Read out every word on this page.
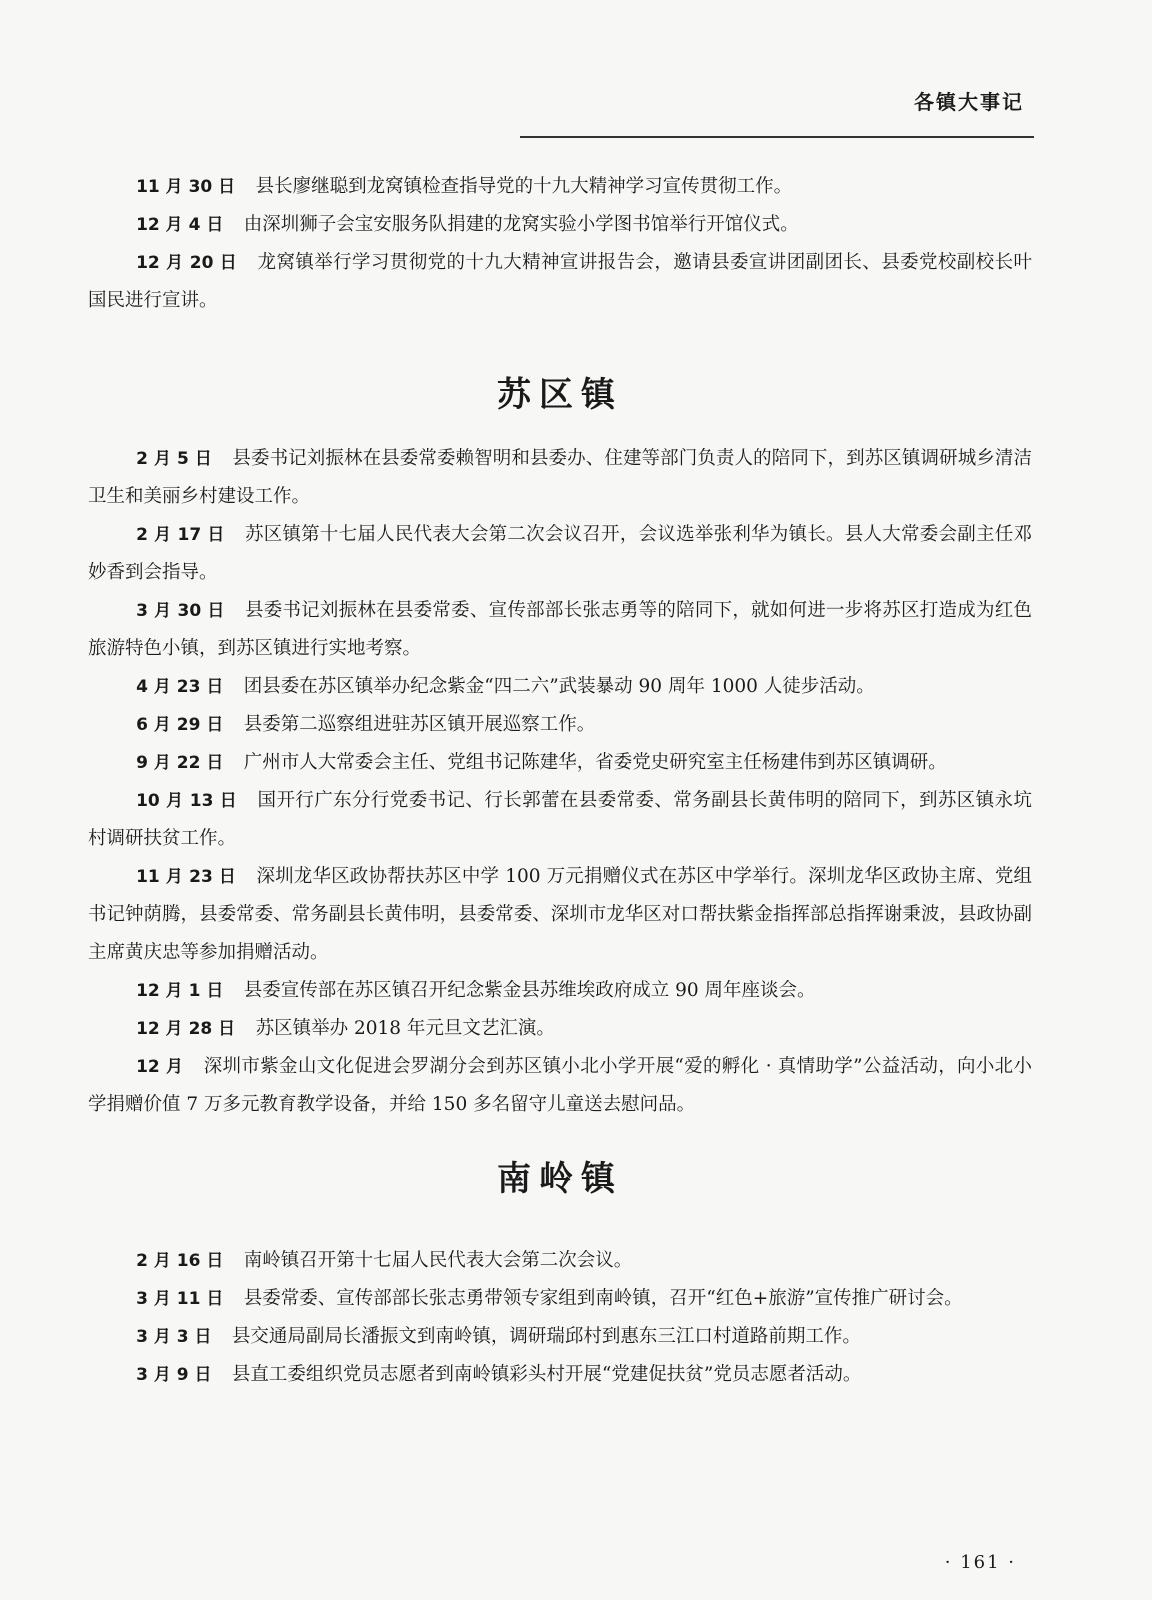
各镇大事记

11 月 30 日 县长廖继聪到龙窝镇检查指导党的十九大精神学习宣传贯彻工作。

12 月 4 日 由深圳狮子会宝安服务队捐建的龙窝实验小学图书馆举行开馆仪式。

12 月 20 日 龙窝镇举行学习贯彻党的十九大精神宣讲报告会，邀请县委宣讲团副团长、县委党校副校长叶国民进行宣讲。

苏区镇

2 月 5 日 县委书记刘振林在县委常委赖智明和县委办、住建等部门负责人的陪同下，到苏区镇调研城乡清洁卫生和美丽乡村建设工作。

2 月 17 日 苏区镇第十七届人民代表大会第二次会议召开，会议选举张利华为镇长。县人大常委会副主任邓妙香到会指导。

3 月 30 日 县委书记刘振林在县委常委、宣传部部长张志勇等的陪同下，就如何进一步将苏区打造成为红色旅游特色小镇，到苏区镇进行实地考察。

4 月 23 日 团县委在苏区镇举办纪念紫金“四二六”武装暴动 90 周年 1000 人徒步活动。

6 月 29 日 县委第二巡察组进驻苏区镇开展巡察工作。

9 月 22 日 广州市人大常委会主任、党组书记陈建华，省委党史研究室主任杨建伟到苏区镇调研。

10 月 13 日 国开行广东分行党委书记、行长郭蕾在县委常委、常务副县长黄伟明的陪同下，到苏区镇永坑村调研扶贫工作。

11 月 23 日 深圳龙华区政协帮扶苏区中学 100 万元捐赠仪式在苏区中学举行。深圳龙华区政协主席、党组书记钟荫腾，县委常委、常务副县长黄伟明，县委常委、深圳市龙华区对口帮扶紫金指挥部总指挥谢秉波，县政协副主席黄庆忠等参加捐赠活动。

12 月 1 日 县委宣传部在苏区镇召开纪念紫金县苏维埃政府成立 90 周年座谈会。

12 月 28 日 苏区镇举办 2018 年元旦文艺汇演。

12 月 深圳市紫金山文化促进会罗湖分会到苏区镇小北小学开展“爱的孵化 · 真情助学”公益活动，向小北小学捐赠价值 7 万多元教育教学设备，并给 150 多名留守儿童送去慰问品。

南岭镇

2 月 16 日 南岭镇召开第十七届人民代表大会第二次会议。

3 月 11 日 县委常委、宣传部部长张志勇带领专家组到南岭镇，召开“红色+旅游”宣传推广研讨会。

3 月 3 日 县交通局副局长潘振文到南岭镇，调研瑞邱村到惠东三江口村道路前期工作。

3 月 9 日 县直工委组织党员志愿者到南岭镇彩头村开展“党建促扶贫”党员志愿者活动。

· 161 ·
